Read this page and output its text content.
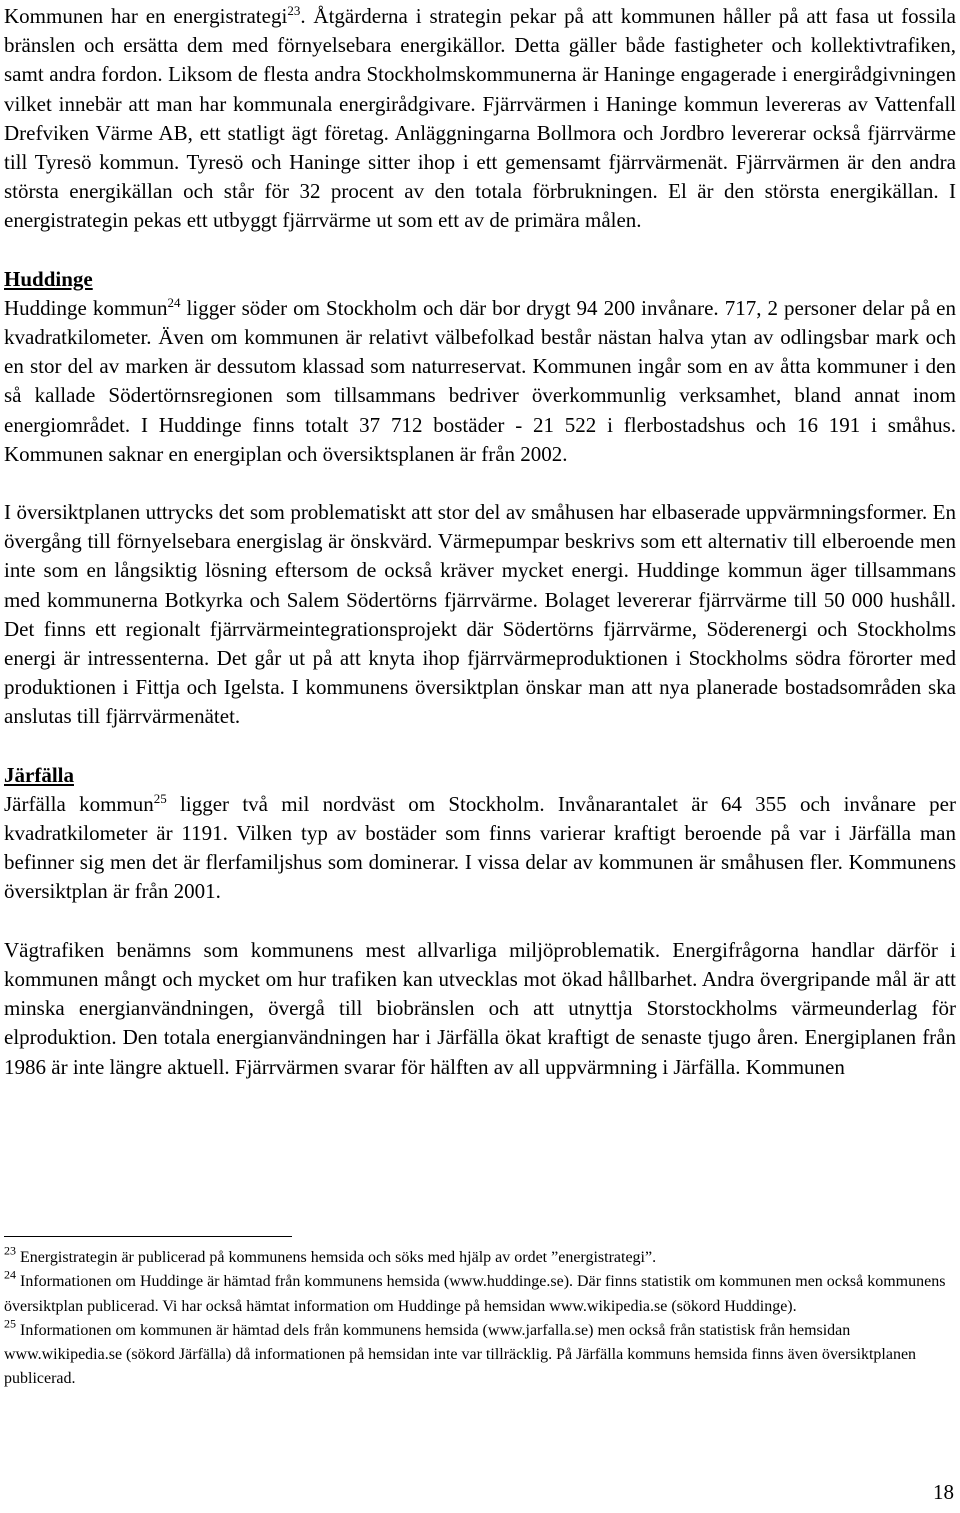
Kommunen har en energistrategi$^{23}$. Åtgärderna i strategin pekar på att kommunen håller på att fasa ut fossila bränslen och ersätta dem med förnyelsebara energikällor. Detta gäller både fastigheter och kollektivtrafiken, samt andra fordon. Liksom de flesta andra Stockholmskommunerna är Haninge engagerade i energirådgivningen vilket innebär att man har kommunala energirådgivare. Fjärrvärmen i Haninge kommun levereras av Vattenfall Drefviken Värme AB, ett statligt ägt företag. Anläggningarna Bollmora och Jordbro levererar också fjärrvärme till Tyresö kommun. Tyresö och Haninge sitter ihop i ett gemensamt fjärrvärmenät. Fjärrvärmen är den andra största energikällan och står för 32 procent av den totala förbrukningen. El är den största energikällan. I energistrategin pekas ett utbyggt fjärrvärme ut som ett av de primära målen.

Huddinge

Huddinge kommun$^{24}$ ligger söder om Stockholm och där bor drygt 94 200 invånare. 717, 2 personer delar på en kvadratkilometer. Även om kommunen är relativt välbefolkad består nästan halva ytan av odlingsbar mark och en stor del av marken är dessutom klassad som naturreservat. Kommunen ingår som en av åtta kommuner i den så kallade Södertörnsregionen som tillsammans bedriver överkommunlig verksamhet, bland annat inom energiområdet. I Huddinge finns totalt 37 712 bostäder - 21 522 i flerbostadshus och 16 191 i småhus. Kommunen saknar en energiplan och översiktsplanen är från 2002.

I översiktplanen uttrycks det som problematiskt att stor del av småhusen har elbaserade uppvärmningsformer. En övergång till förnyelsebara energislag är önskvärd. Värmepumpar beskrivs som ett alternativ till elberoende men inte som en långsiktig lösning eftersom de också kräver mycket energi. Huddinge kommun äger tillsammans med kommunerna Botkyrka och Salem Södertörns fjärrvärme. Bolaget levererar fjärrvärme till 50 000 hushåll. Det finns ett regionalt fjärrvärmeintegrationsprojekt där Södertörns fjärrvärme, Söderenergi och Stockholms energi är intressenterna. Det går ut på att knyta ihop fjärrvärmeproduktionen i Stockholms södra förorter med produktionen i Fittja och Igelsta. I kommunens översiktplan önskar man att nya planerade bostadsområden ska anslutas till fjärrvärmenätet.

Järfälla

Järfälla kommun$^{25}$ ligger två mil nordväst om Stockholm. Invånarantalet är 64 355 och invånare per kvadratkilometer är 1191. Vilken typ av bostäder som finns varierar kraftigt beroende på var i Järfälla man befinner sig men det är flerfamiljshus som dominerar. I vissa delar av kommunen är småhusen fler. Kommunens översiktplan är från 2001.

Vägtrafiken benämns som kommunens mest allvarliga miljöproblematik. Energifrågorna handlar därför i kommunen mångt och mycket om hur trafiken kan utvecklas mot ökad hållbarhet. Andra övergripande mål är att minska energianvändningen, övergå till biobränslen och att utnyttja Storstockholms värmeunderlag för elproduktion. Den totala energianvändningen har i Järfälla ökat kraftigt de senaste tjugo åren. Energiplanen från 1986 är inte längre aktuell. Fjärrvärmen svarar för hälften av all uppvärmning i Järfälla. Kommunen

$^{23}$ Energistrategin är publicerad på kommunens hemsida och söks med hjälp av ordet ”energistrategi”.

$^{24}$ Informationen om Huddinge är hämtad från kommunens hemsida (www.huddinge.se). Där finns statistik om kommunen men också kommunens översiktplan publicerad. Vi har också hämtat information om Huddinge på hemsidan www.wikipedia.se (sökord Huddinge).

$^{25}$ Informationen om kommunen är hämtad dels från kommunens hemsida (www.jarfalla.se) men också från statistisk från hemsidan www.wikipedia.se (sökord Järfälla) då informationen på hemsidan inte var tillräcklig. På Järfälla kommuns hemsida finns även översiktplanen publicerad.

18
